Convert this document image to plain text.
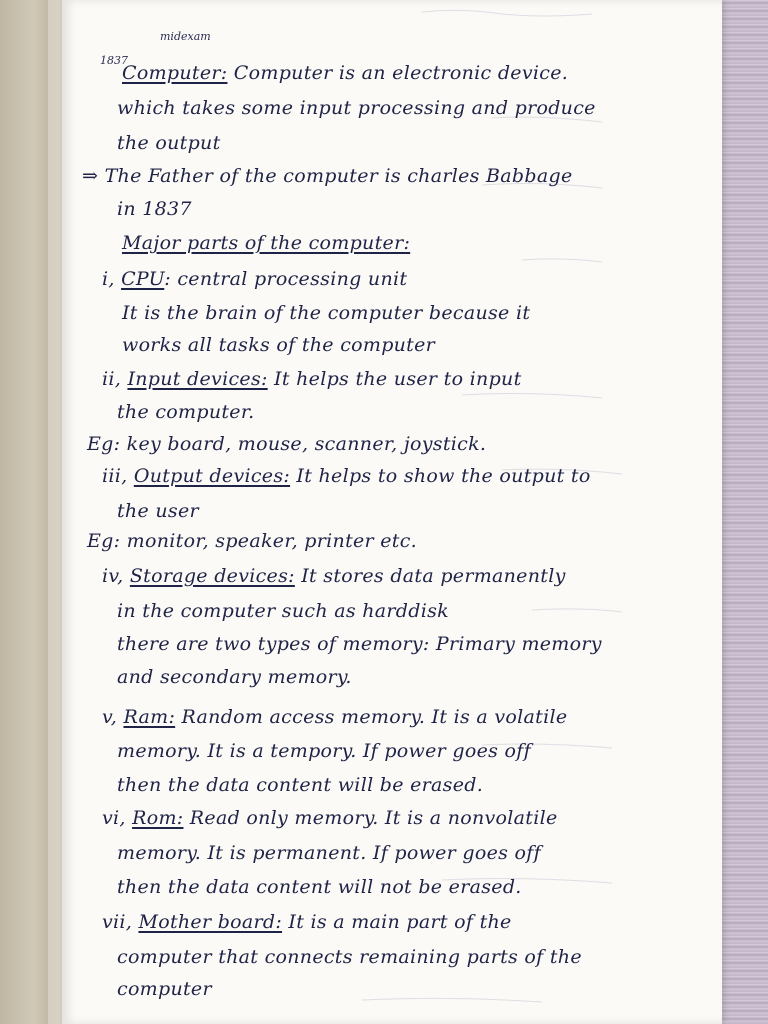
1837
midexam
Computer: Computer is an electronic device.
which takes some input processing and produce
the output
⇒ The Father of the computer is charles Babbage
in 1837
Major parts of the computer:
i, CPU: central processing unit
It is the brain of the computer because it
works all tasks of the computer
ii, Input devices: It helps the user to input
the computer.
Eg: key board, mouse, scanner, joystick.
iii, Output devices: It helps to show the output to
the user
Eg: monitor, speaker, printer etc.
iv, Storage devices: It stores data permanently
in the computer such as harddisk
there are two types of memory: Primary memory
and secondary memory.
v, Ram: Random access memory. It is a volatile
memory. It is a tempory. If power goes off
then the data content will be erased.
vi, Rom: Read only memory. It is a nonvolatile
memory. It is permanent. If power goes off
then the data content will not be erased.
vii, Mother board: It is a main part of the
computer that connects remaining parts of the
computer
